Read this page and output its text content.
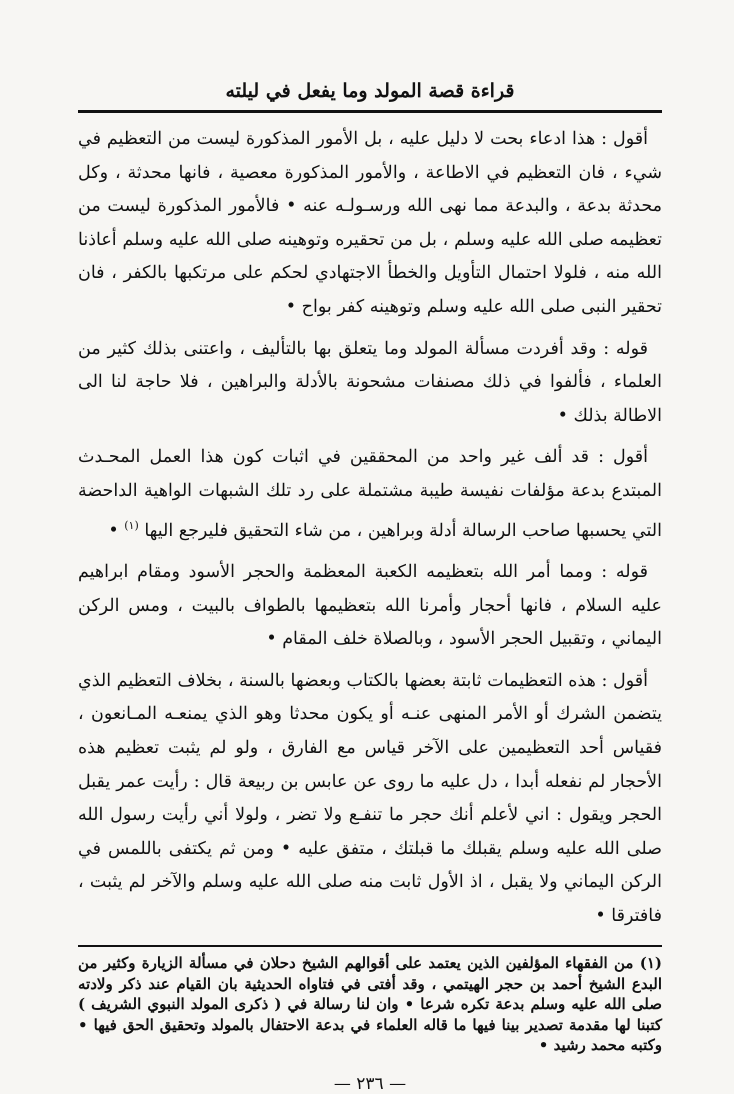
قراءة قصة المولد وما يفعل في ليلته

أقول : هذا ادعاء بحت لا دليل عليه ، بل الأمور المذكورة ليست من التعظيم في شيء ، فان التعظيم في الاطاعة ، والأمور المذكورة معصية ، فانها محدثة ، وكل محدثة بدعة ، والبدعة مما نهى الله ورسـولـه عنه • فالأمور المذكورة ليست من تعظيمه صلى الله عليه وسلم ، بل من تحقيره وتوهينه صلى الله عليه وسلم أعاذنا الله منه ، فلولا احتمال التأويل والخطأ الاجتهادي لحكم على مرتكبها بالكفر ، فان تحقير النبى صلى الله عليه وسلم وتوهينه كفر بواح •

قوله : وقد أفردت مسألة المولد وما يتعلق بها بالتأليف ، واعتنى بذلك كثير من العلماء ، فألفوا في ذلك مصنفات مشحونة بالأدلة والبراهين ، فلا حاجة لنا الى الاطالة بذلك •

أقول : قد ألف غير واحد من المحققين في اثبات كون هذا العمل المحـدث المبتدع بدعة مؤلفات نفيسة طيبة مشتملة على رد تلك الشبهات الواهية الداحضة التي يحسبها صاحب الرسالة أدلة وبراهين ، من شاء التحقيق فليرجع اليها $^{(١)}$ •

قوله : ومما أمر الله بتعظيمه الكعبة المعظمة والحجر الأسود ومقام ابراهيم عليه السلام ، فانها أحجار وأمرنا الله بتعظيمها بالطواف بالبيت ، ومس الركن اليماني ، وتقبيل الحجر الأسود ، وبالصلاة خلف المقام •

أقول : هذه التعظيمات ثابتة بعضها بالكتاب وبعضها بالسنة ، بخلاف التعظيم الذي يتضمن الشرك أو الأمر المنهى عنـه أو يكون محدثا وهو الذي يمنعـه المـانعون ، فقياس أحد التعظيمين على الآخر قياس مع الفارق ، ولو لم يثبت تعظيم هذه الأحجار لم نفعله أبدا ، دل عليه ما روى عن عابس بن ربيعة قال : رأيت عمر يقبل الحجر ويقول : اني لأعلم أنك حجر ما تنفـع ولا تضر ، ولولا أني رأيت رسول الله صلى الله عليه وسلم يقبلك ما قبلتك ، متفق عليه • ومن ثم يكتفى باللمس في الركن اليماني ولا يقبل ، اذ الأول ثابت منه صلى الله عليه وسلم والآخر لم يثبت ، فافترقا •

(١) من الفقهاء المؤلفين الذين يعتمد على أقوالهم الشيخ دحلان في مسألة الزيارة وكثير من البدع الشيخ أحمد بن حجر الهيتمي ، وقد أفتى في فتاواه الحديثية بان القيام عند ذكر ولادته صلى الله عليه وسلم بدعة تكره شرعا • وان لنا رسالة في ( ذكرى المولد النبوي الشريف ) كتبنا لها مقدمة تصدير بينا فيها ما قاله العلماء في بدعة الاحتفال بالمولد وتحقيق الحق فيها • وكتبه محمد رشيد •

— ٢٣٦ —
